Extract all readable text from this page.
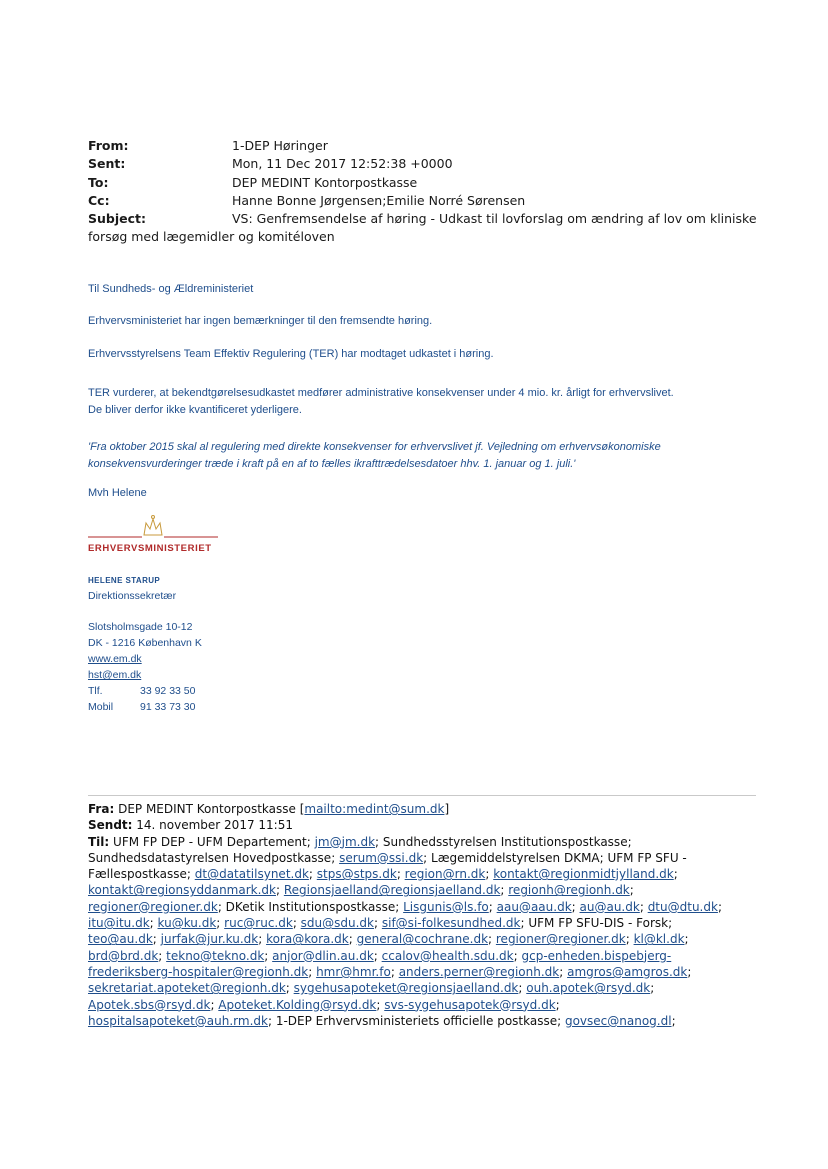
From:	1-DEP Høringer
Sent:	Mon, 11 Dec 2017 12:52:38 +0000
To:	DEP MEDINT Kontorpostkasse
Cc:	Hanne Bonne Jørgensen;Emilie Norré Sørensen
Subject:	VS: Genfremsendelse af høring - Udkast til lovforslag om ændring af lov om kliniske
forsøg med lægemidler og komitéloven
Til Sundheds- og Ældreministeriet
Erhvervsministeriet har ingen bemærkninger til den fremsendte høring.
Erhvervsstyrelsens Team Effektiv Regulering (TER) har modtaget udkastet i høring.
TER vurderer, at bekendtgørelsesudkastet medfører administrative konsekvenser under 4 mio. kr. årligt for erhvervslivet.
De bliver derfor ikke kvantificeret yderligere.
'Fra oktober 2015 skal al regulering med direkte konsekvenser for erhvervslivet jf. Vejledning om erhvervsøkonomiske
konsekvensvurderinger træde i kraft på en af to fælles ikrafttrædelsesdatoer hhv. 1. januar og 1. juli.'
Mvh Helene
ERHVERVSMINISTERIET
HELENE STARUP
Direktionssekretær
Slotsholmsgade 10-12
DK - 1216 København K
www.em.dk
hst@em.dk
Tlf.	33 92 33 50
Mobil	91 33 73 30
Fra: DEP MEDINT Kontorpostkasse [mailto:medint@sum.dk]
Sendt: 14. november 2017 11:51
Til: UFM FP DEP - UFM Departement; jm@jm.dk; Sundhedsstyrelsen Institutionspostkasse;
Sundhedsdatastyrelsen Hovedpostkasse; serum@ssi.dk; Lægemiddelstyrelsen DKMA; UFM FP SFU -
Fællespostkasse; dt@datatilsynet.dk; stps@stps.dk; region@rn.dk; kontakt@regionmidtjylland.dk;
kontakt@regionsyddanmark.dk; Regionsjaelland@regionsjaelland.dk; regionh@regionh.dk;
regioner@regioner.dk; DKetik Institutionspostkasse; Lisgunis@ls.fo; aau@aau.dk; au@au.dk; dtu@dtu.dk;
itu@itu.dk; ku@ku.dk; ruc@ruc.dk; sdu@sdu.dk; sif@si-folkesundhed.dk; UFM FP SFU-DIS - Forsk;
teo@au.dk; jurfak@jur.ku.dk; kora@kora.dk; general@cochrane.dk; regioner@regioner.dk; kl@kl.dk;
brd@brd.dk; tekno@tekno.dk; anjor@dlin.au.dk; ccalov@health.sdu.dk; gcp-enheden.bispebjerg-
frederiksberg-hospitaler@regionh.dk; hmr@hmr.fo; anders.perner@regionh.dk; amgros@amgros.dk;
sekretariat.apoteket@regionh.dk; sygehusapoteket@regionsjaelland.dk; ouh.apotek@rsyd.dk;
Apotek.sbs@rsyd.dk; Apoteket.Kolding@rsyd.dk; svs-sygehusapotek@rsyd.dk;
hospitalsapoteket@auh.rm.dk; 1-DEP Erhvervsministeriets officielle postkasse; govsec@nanog.dl;
